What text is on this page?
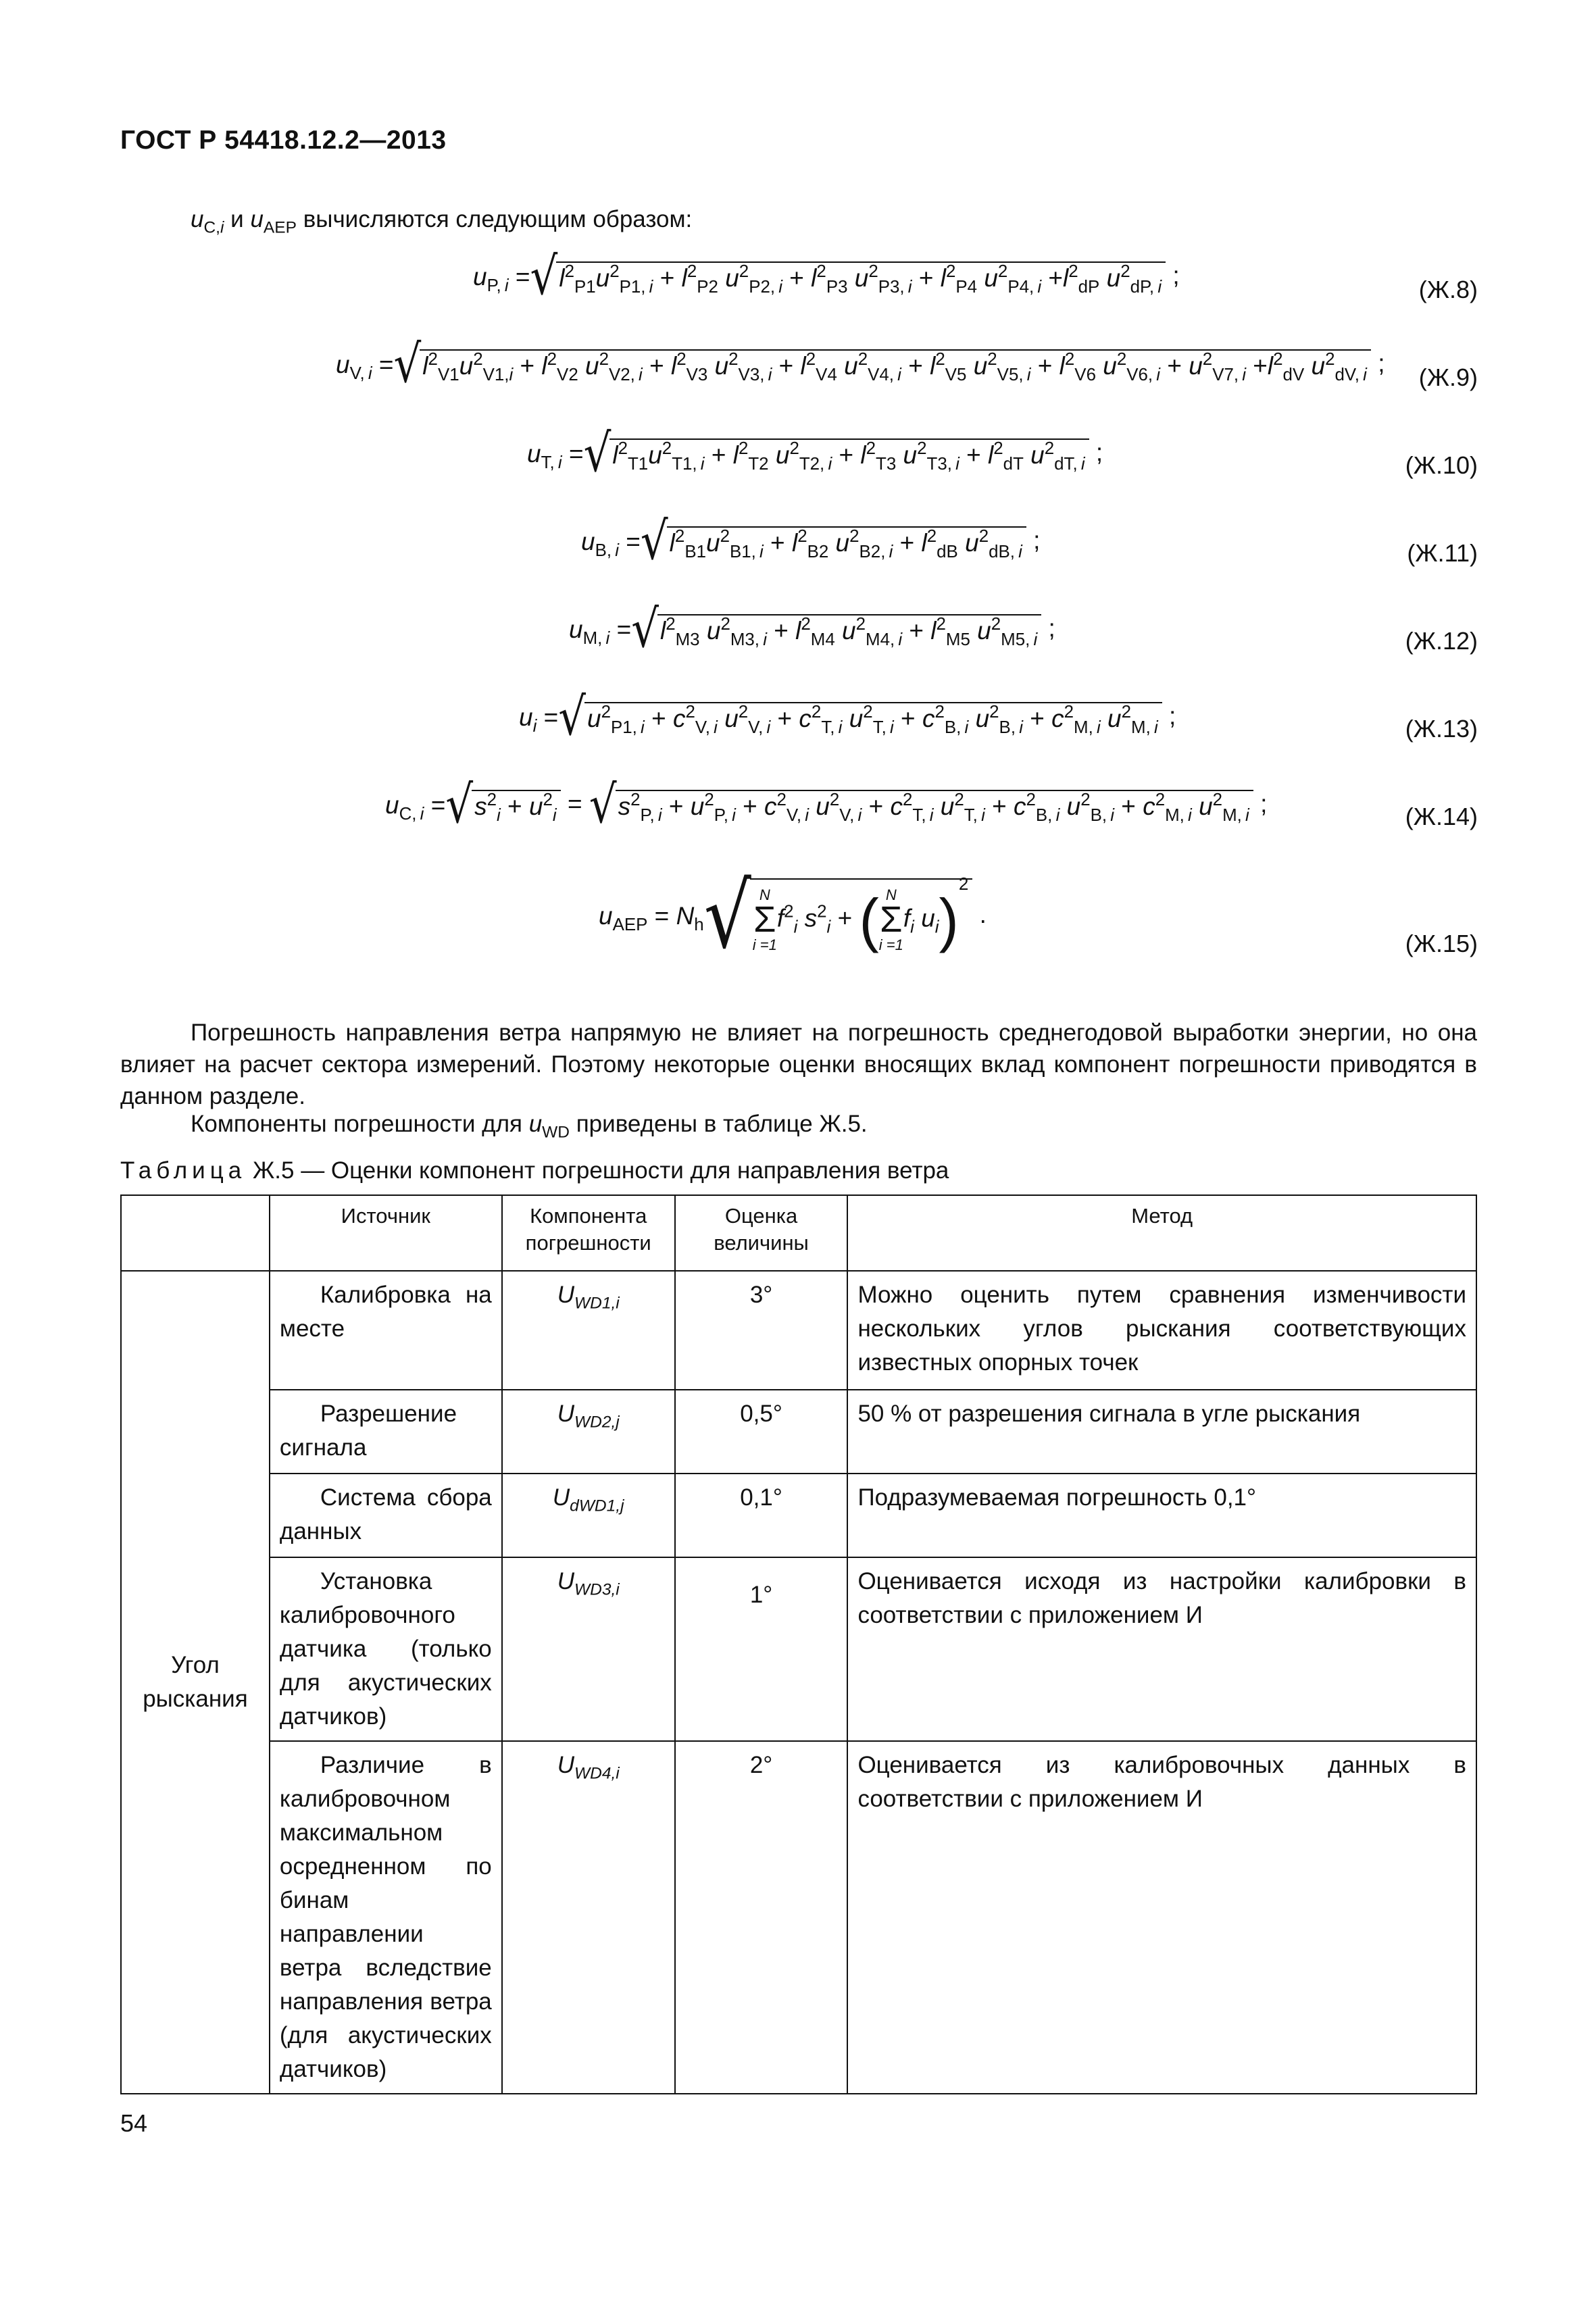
ГОСТ Р 54418.12.2—2013
$u_{C,i}$ и $u_{AEP}$ вычисляются следующим образом:
$u_{P, i} =√l^2_{P1}u^2_{P1, i} + l^2_{P2}$ $u^2_{P2, i} + l^2_{P3}$ $u^2_{P3, i} + l^2_{P4}$ $u^2_{P4, i} +l^2_{dP}$ $u^2_{dP, i}$ ;
(Ж.8)
$u_{V, i} =√l^2_{V1}u^2_{V1,i} + l^2_{V2}$ $u^2_{V2, i} + l^2_{V3}$ $u^2_{V3, i} + l^2_{V4}$ $u^2_{V4, i} + l^2_{V5}$ $u^2_{V5, i} + l^2_{V6}$ $u^2_{V6, i} + u^2_{V7, i} +l^2_{dV}$ $u^2_{dV, i}$ ;
(Ж.9)
$u_{T, i} =√l^2_{T1}u^2_{T1, i} + l^2_{T2}$ $u^2_{T2, i} + l^2_{T3}$ $u^2_{T3, i} + l^2_{dT}$ $u^2_{dT, i}$ ;	(Ж.10)
$u_{B, i} =√l^2_{B1}u^2_{B1, i} + l^2_{B2}$ $u^2_{B2, i} + l^2_{dB}$ $u^2_{dB, i}$ ;	(Ж.11)
$u_{M, i} =√l^2_{M3}$ $u^2_{M3, i} + l^2_{M4}$ $u^2_{M4, i} + l^2_{M5}$ $u^2_{M5, i}$ ;	(Ж.12)
$u_i =√u^2_{P1, i} + c^2_{V, i}$ $u^2_{V, i} + c^2_{T, i}$ $u^2_{T, i} + c^2_{B, i}$ $u^2_{B, i} + c^2_{M, i}$ $u^2_{M, i}$ ;	(Ж.13)
$u_{C, i} =√s^2_i + u^2_i = √s^2_{P, i} + u^2_{P, i} + c^2_{V, i}$ $u^2_{V, i} + c^2_{T, i}$ $u^2_{T, i} + c^2_{B, i}$ $u^2_{B, i} + c^2_{M, i}$ $u^2_{M, i}$ ;	(Ж.14)
$u_{AEP} = N_h√$ N
Σ
i =1
$f^2_i$ $s^2_i$ + ( N
Σ
i =1
$f_i$ $u_i)^2$ .
(Ж.15)
Погрешность направления ветра напрямую не влияет на погрешность среднегодовой выработки энергии, но она влияет на расчет сектора измерений. Поэтому некоторые оценки вносящих вклад компонент погрешности приводятся в данном разделе.
Компоненты погрешности для $u_{WD}$ приведены в таблице Ж.5.
Таблица Ж.5 — Оценки компонент погрешности для направления ветра
	Источник	Компонента погрешности	Оценка величины	Метод
Угол рыскания	Калибровка на месте	$U_{WD1,i}$	3°	Можно оценить путем сравнения изменчивости нескольких углов рыскания соответствующих известных опорных точек
	Разрешение сигнала	$U_{WD2,j}$	0,5°	50 % от разрешения сигнала в угле рыскания
	Система сбора данных	$U_{dWD1,j}$	0,1°	Подразумеваемая погрешность 0,1°
	Установка калибровочного датчика (только для акустических датчиков)	$U_{WD3,i}$	1°	Оценивается исходя из настройки калибровки в соответствии с приложением И
	Различие в калибровочном максимальном осредненном по бинам направлении ветра вследствие направления ветра (для акустических датчиков)	$U_{WD4,i}$	2°	Оценивается из калибровочных данных в соответствии с приложением И
54
